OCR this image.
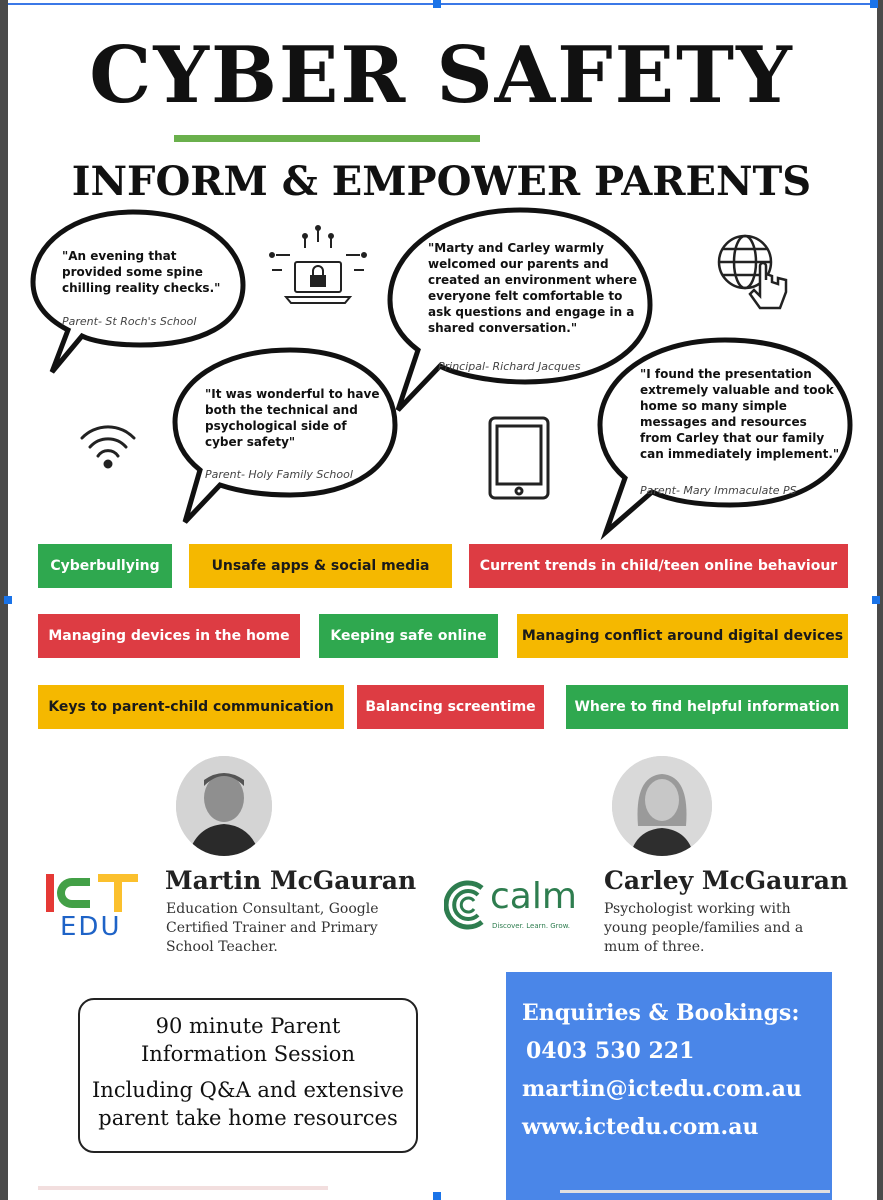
CYBER SAFETY
INFORM & EMPOWER PARENTS
"An evening that provided some spine chilling reality checks."
Parent- St Roch's School
"Marty and Carley warmly welcomed our parents and created an environment where everyone felt comfortable to ask questions and engage in a shared conversation."
Principal- Richard Jacques
"It was wonderful to have both the technical and psychological side of cyber safety"
Parent- Holy Family School
"I found the presentation extremely valuable and took home so many simple messages and resources from Carley that our family can immediately implement."
Parent- Mary Immaculate PS
Cyberbullying	Unsafe apps & social media	Current trends in child/teen online behaviour
Managing devices in the home	Keeping safe online	Managing conflict around digital devices
Keys to parent-child communication	Balancing screentime	Where to find helpful information
EDU
Martin McGauran
Education Consultant, Google Certified Trainer and Primary School Teacher.
calm
Discover. Learn. Grow.
Carley McGauran
Psychologist working with young people/families and a mum of three.
90 minute Parent
Information Session
Including Q&A and extensive
parent take home resources
Enquiries & Bookings:
0403 530 221
martin@ictedu.com.au
www.ictedu.com.au
